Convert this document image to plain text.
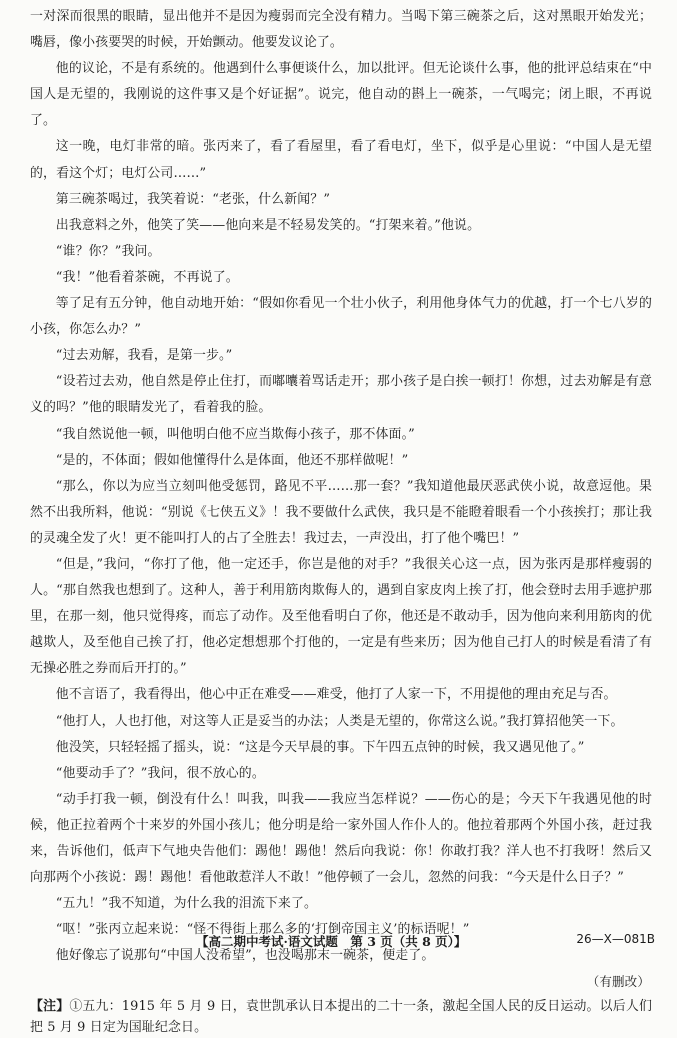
一对深而很黑的眼睛，显出他并不是因为瘦弱而完全没有精力。当喝下第三碗茶之后，这对黑眼开始发光；嘴唇，像小孩要哭的时候，开始颤动。他要发议论了。

他的议论，不是有系统的。他遇到什么事便谈什么，加以批评。但无论谈什么事，他的批评总结束在“中国人是无望的，我刚说的这件事又是个好证据”。说完，他自动的斟上一碗茶，一气喝完；闭上眼，不再说了。

这一晚，电灯非常的暗。张丙来了，看了看屋里，看了看电灯，坐下，似乎是心里说：“中国人是无望的，看这个灯；电灯公司……”

第三碗茶喝过，我笑着说：“老张，什么新闻？”

出我意料之外，他笑了笑——他向来是不轻易发笑的。“打架来着。”他说。

“谁？你？”我问。

“我！”他看着茶碗，不再说了。

等了足有五分钟，他自动地开始：“假如你看见一个壮小伙子，利用他身体气力的优越，打一个七八岁的小孩，你怎么办？”

“过去劝解，我看，是第一步。”

“设若过去劝，他自然是停止住打，而嘟囔着骂话走开；那小孩子是白挨一顿打！你想，过去劝解是有意义的吗？”他的眼睛发光了，看着我的脸。

“我自然说他一顿，叫他明白他不应当欺侮小孩子，那不体面。”

“是的，不体面；假如他懂得什么是体面，他还不那样做呢！”

“那么，你以为应当立刻叫他受惩罚，路见不平……那一套？”我知道他最厌恶武侠小说，故意逗他。果然不出我所料，他说：“别说《七侠五义》！我不要做什么武侠，我只是不能瞪着眼看一个小孩挨打；那让我的灵魂全发了火！更不能叫打人的占了全胜去！我过去，一声没出，打了他个嘴巴！”

“但是，”我问，“你打了他，他一定还手，你岂是他的对手？”我很关心这一点，因为张丙是那样瘦弱的人。“那自然我也想到了。这种人，善于利用筋肉欺侮人的，遇到自家皮肉上挨了打，他会登时去用手遮护那里，在那一刻，他只觉得疼，而忘了动作。及至他看明白了你，他还是不敢动手，因为他向来利用筋肉的优越欺人，及至他自己挨了打，他必定想想那个打他的，一定是有些来历；因为他自己打人的时候是看清了有无操必胜之券而后开打的。”

他不言语了，我看得出，他心中正在难受——难受，他打了人家一下，不用提他的理由充足与否。

“他打人，人也打他，对这等人正是妥当的办法；人类是无望的，你常这么说。”我打算招他笑一下。

他没笑，只轻轻摇了摇头，说：“这是今天早晨的事。下午四五点钟的时候，我又遇见他了。”

“他要动手了？”我问，很不放心的。

“动手打我一顿，倒没有什么！叫我，叫我——我应当怎样说？——伤心的是；今天下午我遇见他的时候，他正拉着两个十来岁的外国小孩儿；他分明是给一家外国人作仆人的。他拉着那两个外国小孩，赶过我来，告诉他们，低声下气地央告他们：踢他！踢他！然后向我说：你！你敢打我？洋人也不打我呀！然后又向那两个小孩说：踢！踢他！看他敢惹洋人不敢！”他停顿了一会儿，忽然的问我：“今天是什么日子？”

“五九！”我不知道，为什么我的泪流下来了。

“呕！”张丙立起来说：“怪不得街上那么多的‘打倒帝国主义’的标语呢！”

他好像忘了说那句“中国人没希望”，也没喝那末一碗茶，便走了。

（有删改）

【注】①五九：1915 年 5 月 9 日，袁世凯承认日本提出的二十一条，激起全国人民的反日运动。以后人们把 5 月 9 日定为国耻纪念日。

【高二期中考试·语文试题　第 3 页（共 8 页）】	26—X—081B
